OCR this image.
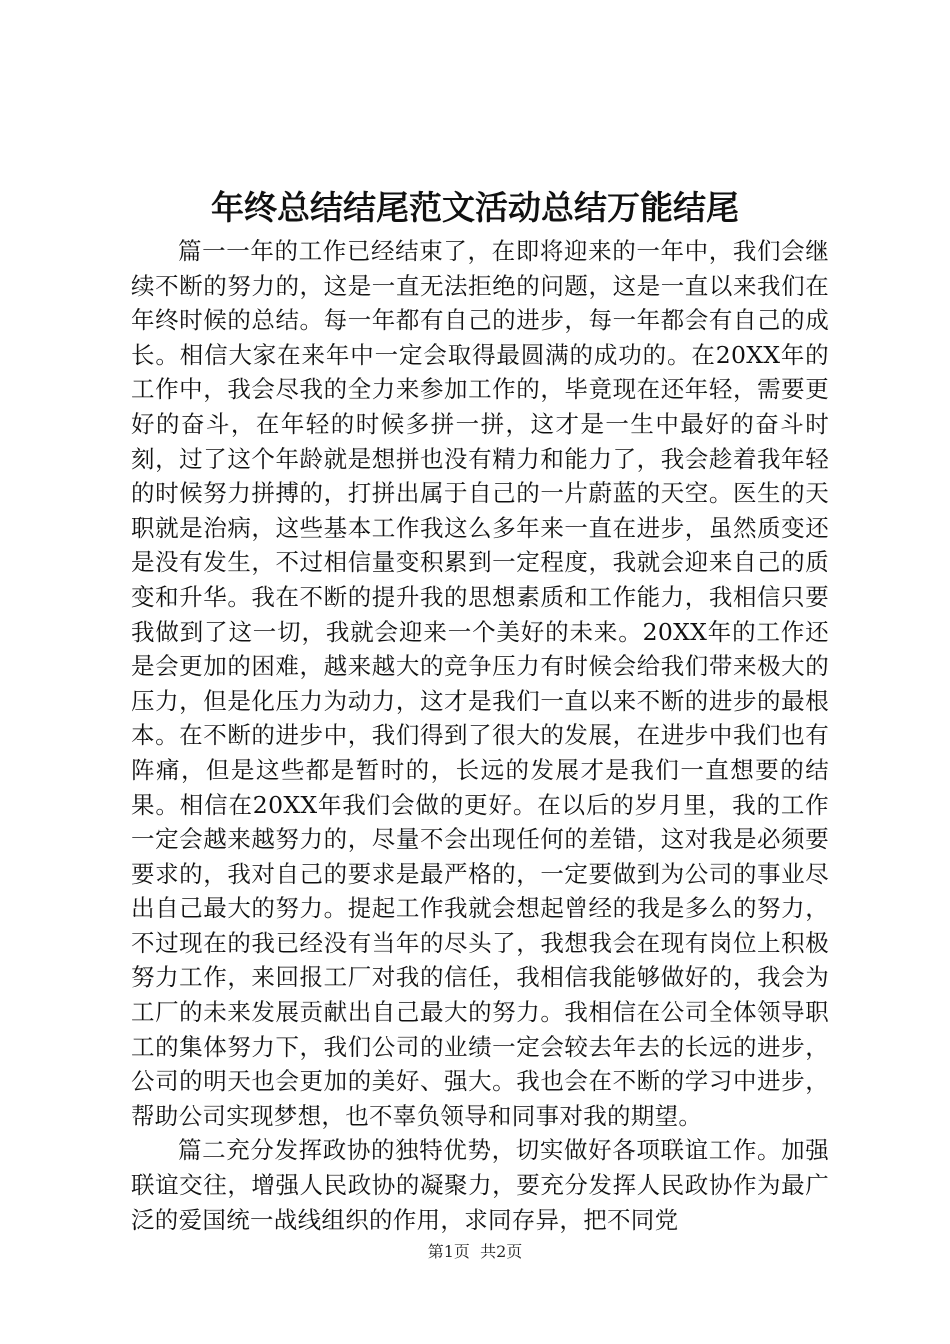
年终总结结尾范文活动总结万能结尾

篇一一年的工作已经结束了，在即将迎来的一年中，我们会继续不断的努力的，这是一直无法拒绝的问题，这是一直以来我们在年终时候的总结。每一年都有自己的进步，每一年都会有自己的成长。相信大家在来年中一定会取得最圆满的成功的。在20XX年的工作中，我会尽我的全力来参加工作的，毕竟现在还年轻，需要更好的奋斗，在年轻的时候多拼一拼，这才是一生中最好的奋斗时刻，过了这个年龄就是想拼也没有精力和能力了，我会趁着我年轻的时候努力拼搏的，打拼出属于自己的一片蔚蓝的天空。医生的天职就是治病，这些基本工作我这么多年来一直在进步，虽然质变还是没有发生，不过相信量变积累到一定程度，我就会迎来自己的质变和升华。我在不断的提升我的思想素质和工作能力，我相信只要我做到了这一切，我就会迎来一个美好的未来。20XX年的工作还是会更加的困难，越来越大的竞争压力有时候会给我们带来极大的压力，但是化压力为动力，这才是我们一直以来不断的进步的最根本。在不断的进步中，我们得到了很大的发展，在进步中我们也有阵痛，但是这些都是暂时的，长远的发展才是我们一直想要的结果。相信在20XX年我们会做的更好。在以后的岁月里，我的工作一定会越来越努力的，尽量不会出现任何的差错，这对我是必须要要求的，我对自己的要求是最严格的，一定要做到为公司的事业尽出自己最大的努力。提起工作我就会想起曾经的我是多么的努力，不过现在的我已经没有当年的尽头了，我想我会在现有岗位上积极努力工作，来回报工厂对我的信任，我相信我能够做好的，我会为工厂的未来发展贡献出自己最大的努力。我相信在公司全体领导职工的集体努力下，我们公司的业绩一定会较去年去的长远的进步，公司的明天也会更加的美好、强大。我也会在不断的学习中进步，帮助公司实现梦想，也不辜负领导和同事对我的期望。

篇二充分发挥政协的独特优势，切实做好各项联谊工作。加强联谊交往，增强人民政协的凝聚力，要充分发挥人民政协作为最广泛的爱国统一战线组织的作用，求同存异，把不同党

第1页  共2页
